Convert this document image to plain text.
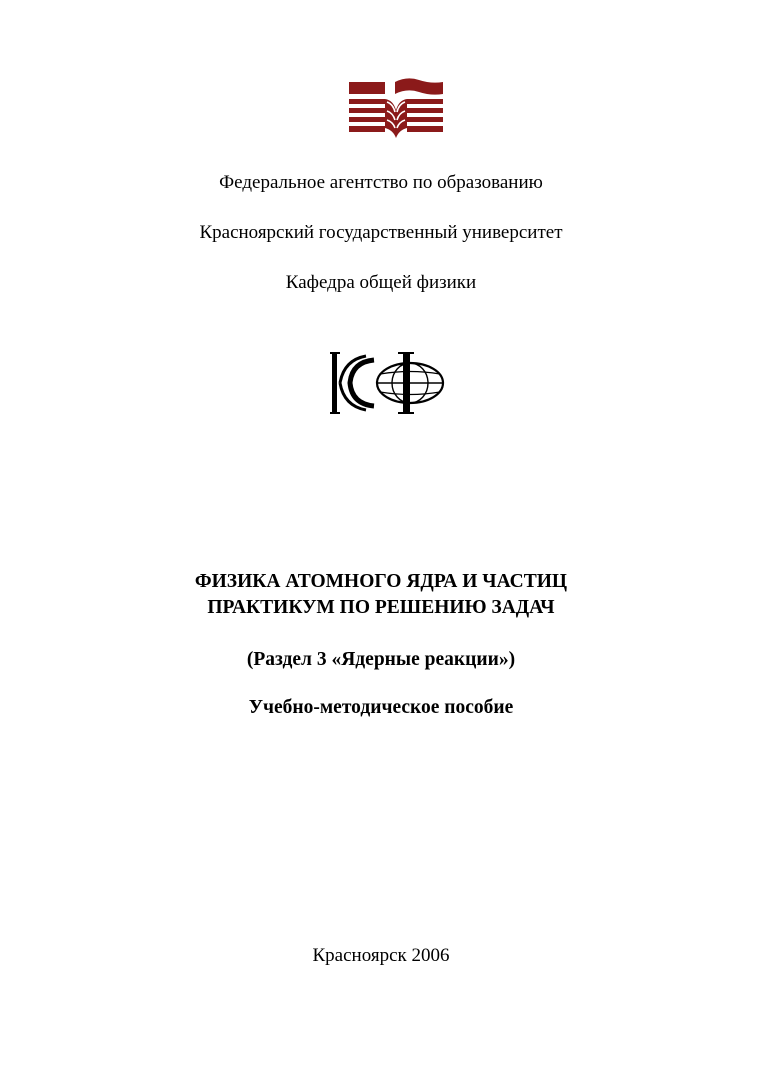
Федеральное агентство по образованию
Красноярский государственный университет
Кафедра общей физики
ФИЗИКА АТОМНОГО ЯДРА И ЧАСТИЦ
ПРАКТИКУМ ПО РЕШЕНИЮ ЗАДАЧ
(Раздел 3 «Ядерные реакции»)
Учебно-методическое пособие
Красноярск 2006
